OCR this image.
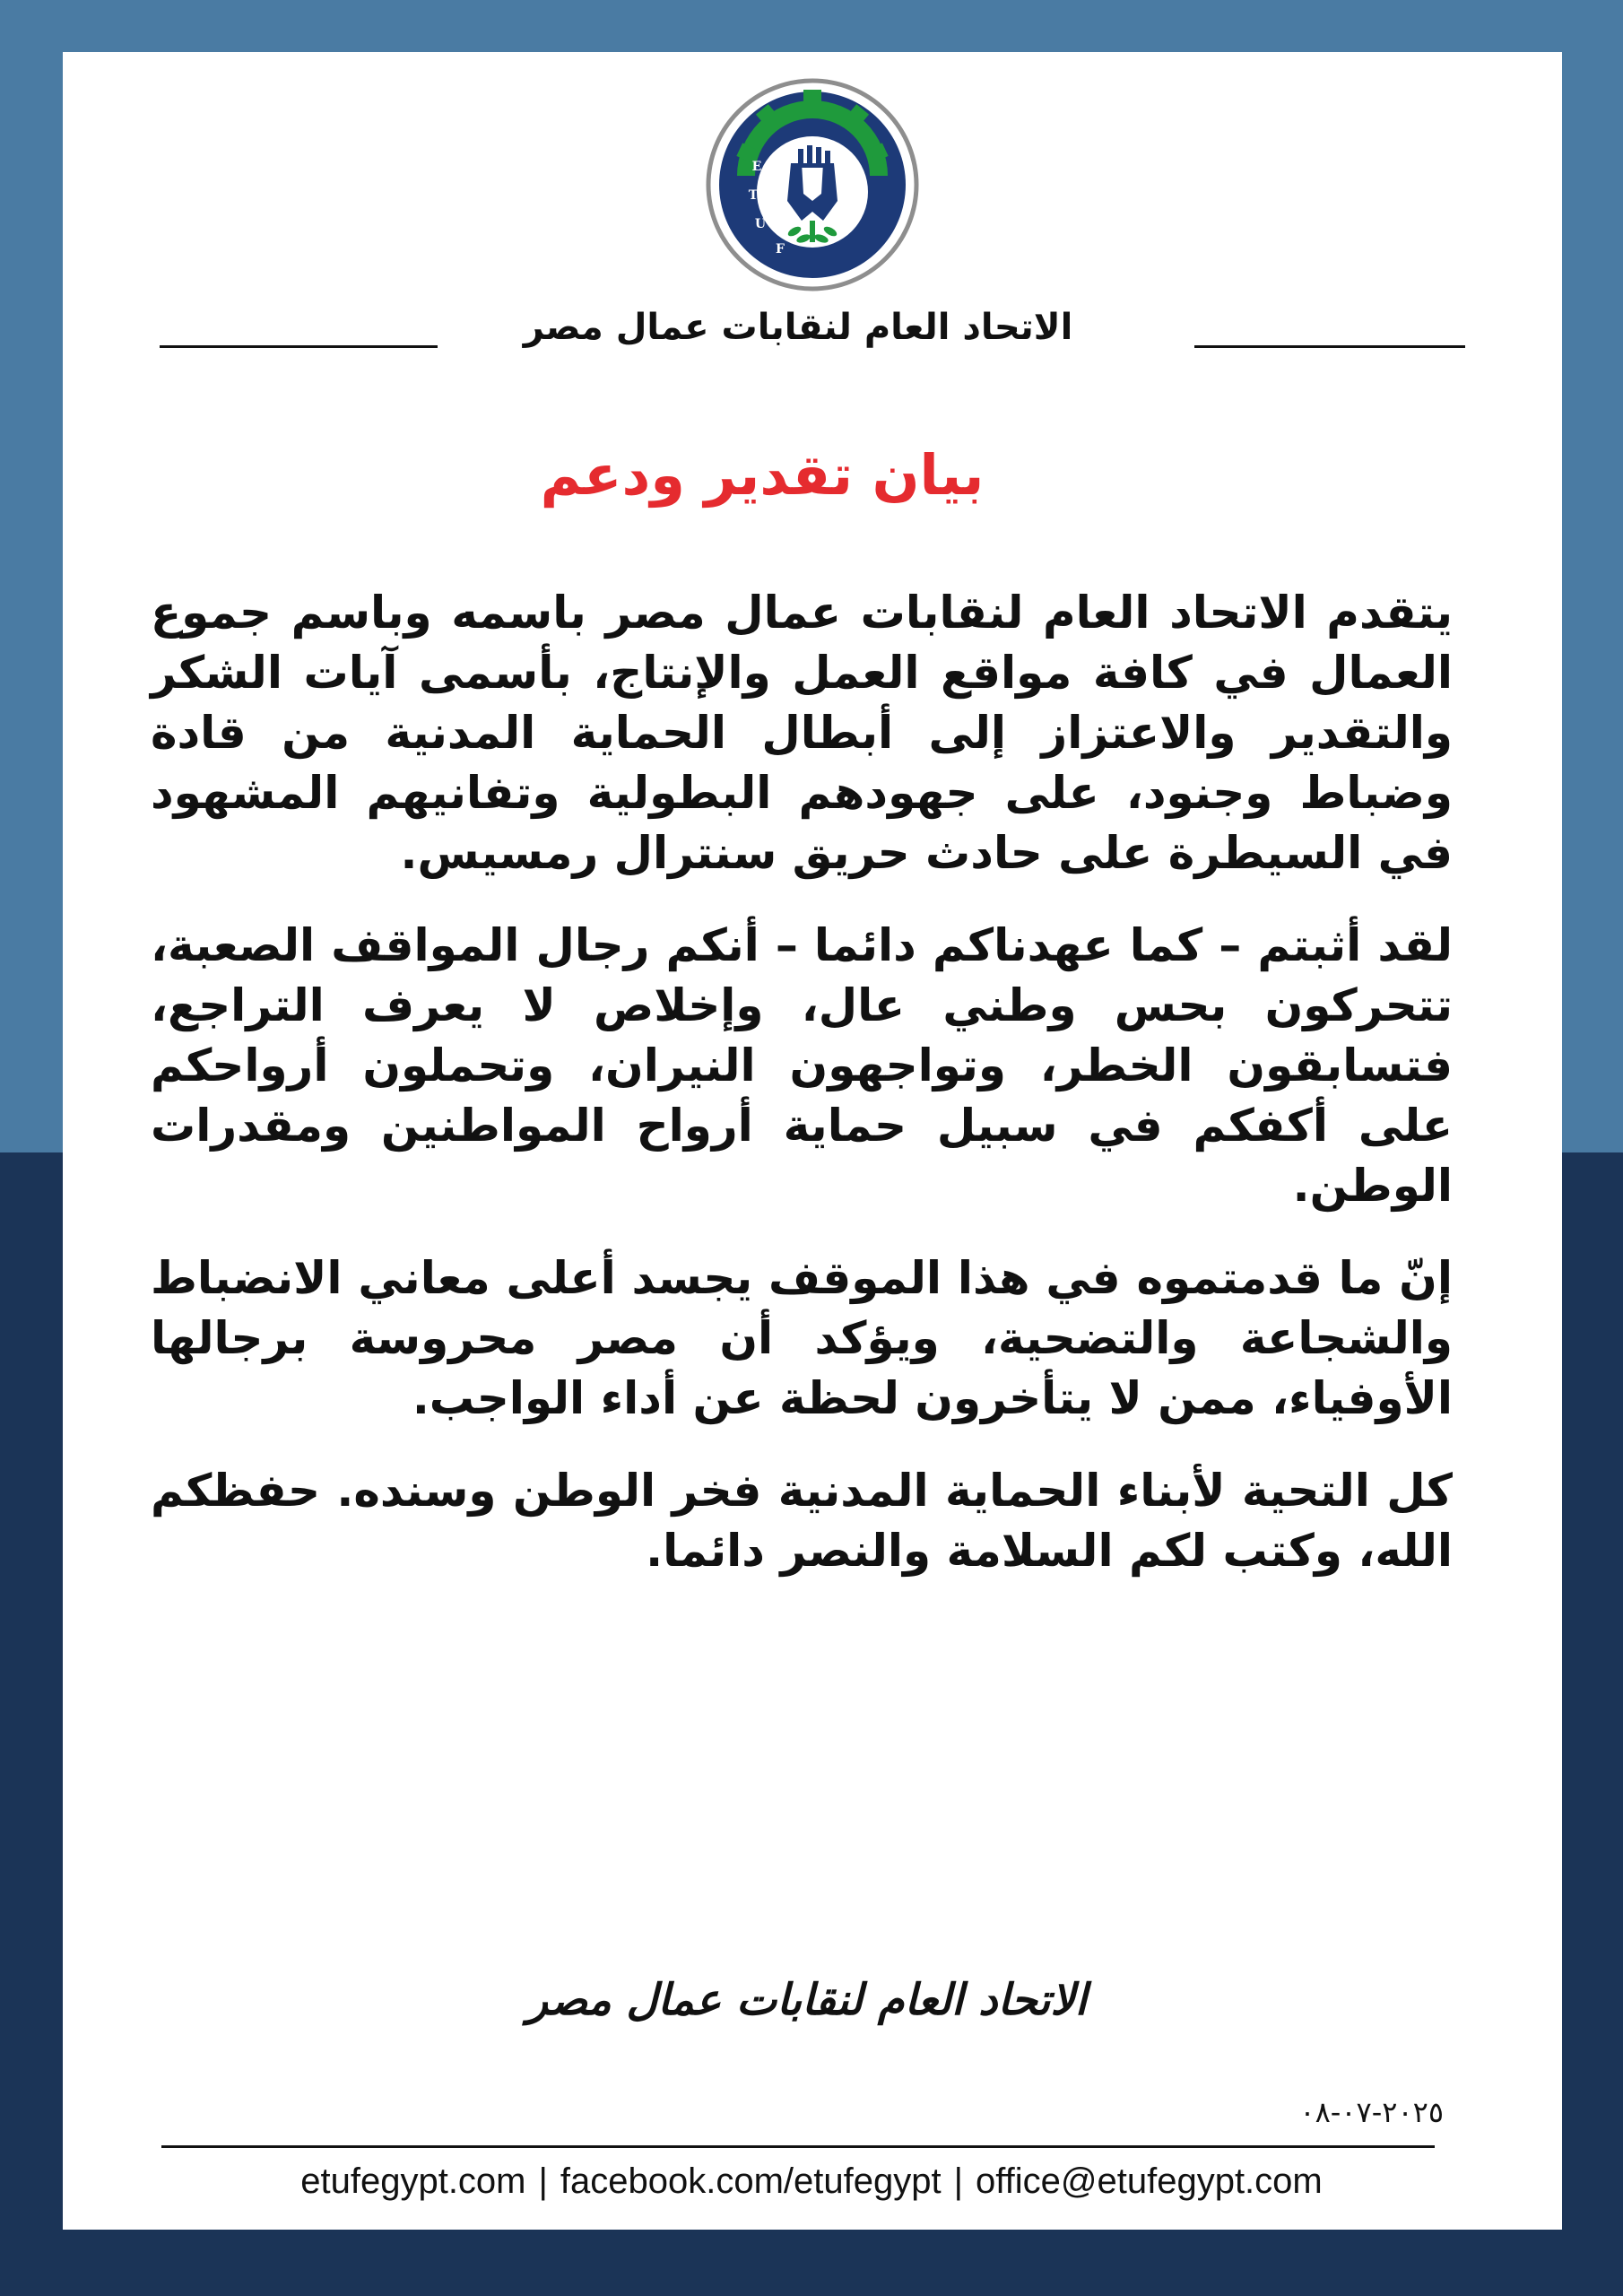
E
T
U
F
الاتحاد العام لنقابات عمال مصر
بيان تقدير ودعم

يتقدم الاتحاد العام لنقابات عمال مصر باسمه وباسم جموع العمال في كافة مواقع العمل والإنتاج، بأسمى آيات الشكر والتقدير والاعتزاز إلى أبطال الحماية المدنية من قادة وضباط وجنود، على جهودهم البطولية وتفانيهم المشهود في السيطرة على حادث حريق سنترال رمسيس.

لقد أثبتم – كما عهدناكم دائما – أنكم رجال المواقف الصعبة، تتحركون بحس وطني عال، وإخلاص لا يعرف التراجع، فتسابقون الخطر، وتواجهون النيران، وتحملون أرواحكم على أكفكم في سبيل حماية أرواح المواطنين ومقدرات الوطن.

إنّ ما قدمتموه في هذا الموقف يجسد أعلى معاني الانضباط والشجاعة والتضحية، ويؤكد أن مصر محروسة برجالها الأوفياء، ممن لا يتأخرون لحظة عن أداء الواجب.

كل التحية لأبناء الحماية المدنية فخر الوطن وسنده. حفظكم الله، وكتب لكم السلامة والنصر دائما.

الاتحاد العام لنقابات عمال مصر
٢٠٢٥-٠٧-٠٨
etufegypt.com | facebook.com/etufegypt | office@etufegypt.com
